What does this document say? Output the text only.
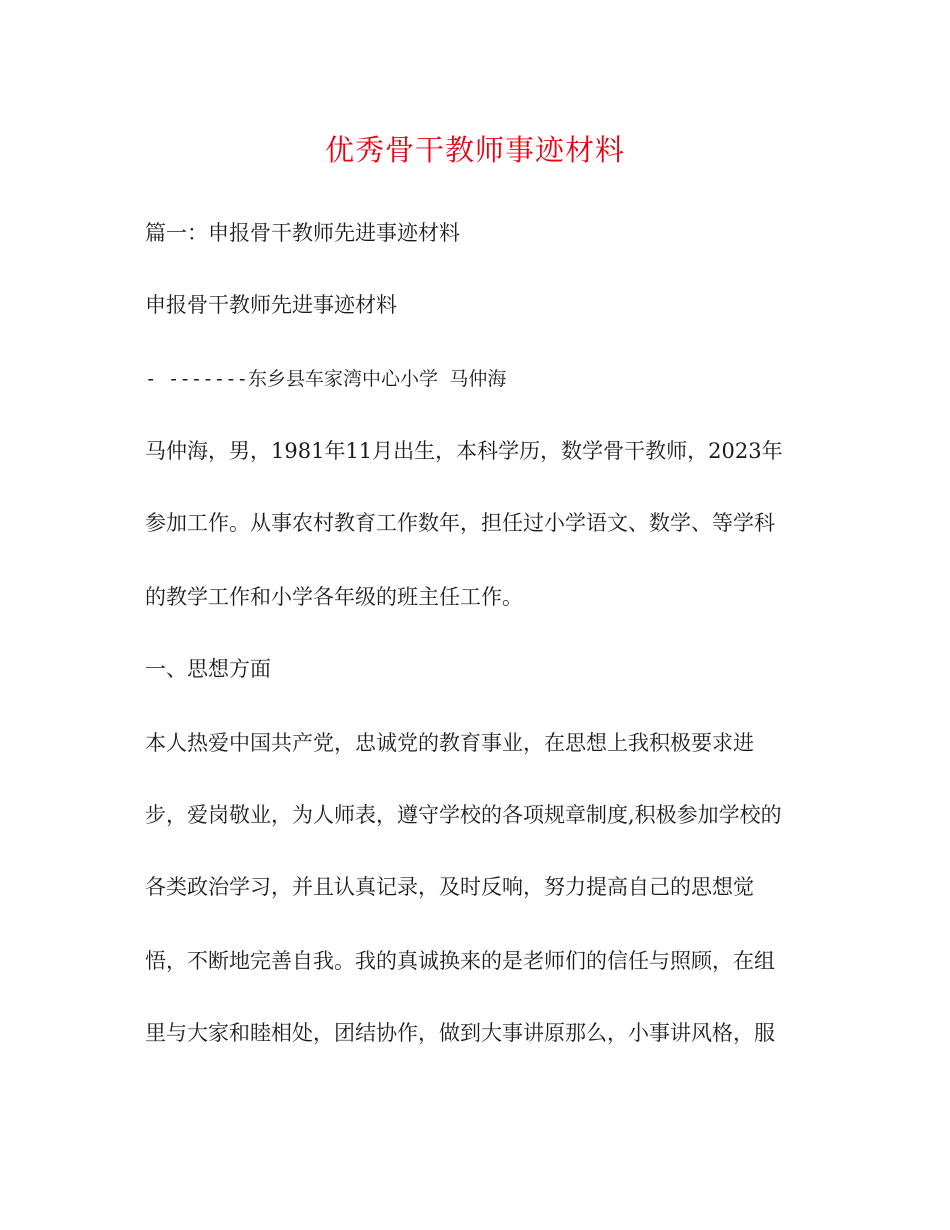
优秀骨干教师事迹材料
篇一：申报骨干教师先进事迹材料
申报骨干教师先进事迹材料
- -------东乡县车家湾中心小学 马仲海
马仲海，男，1981年11月出生，本科学历，数学骨干教师，2023年
参加工作。从事农村教育工作数年，担任过小学语文、数学、等学科
的教学工作和小学各年级的班主任工作。
一、思想方面
本人热爱中国共产党，忠诚党的教育事业，在思想上我积极要求进
步，爱岗敬业，为人师表，遵守学校的各项规章制度,积极参加学校的
各类政治学习，并且认真记录，及时反响，努力提高自己的思想觉
悟，不断地完善自我。我的真诚换来的是老师们的信任与照顾，在组
里与大家和睦相处，团结协作，做到大事讲原那么，小事讲风格，服
